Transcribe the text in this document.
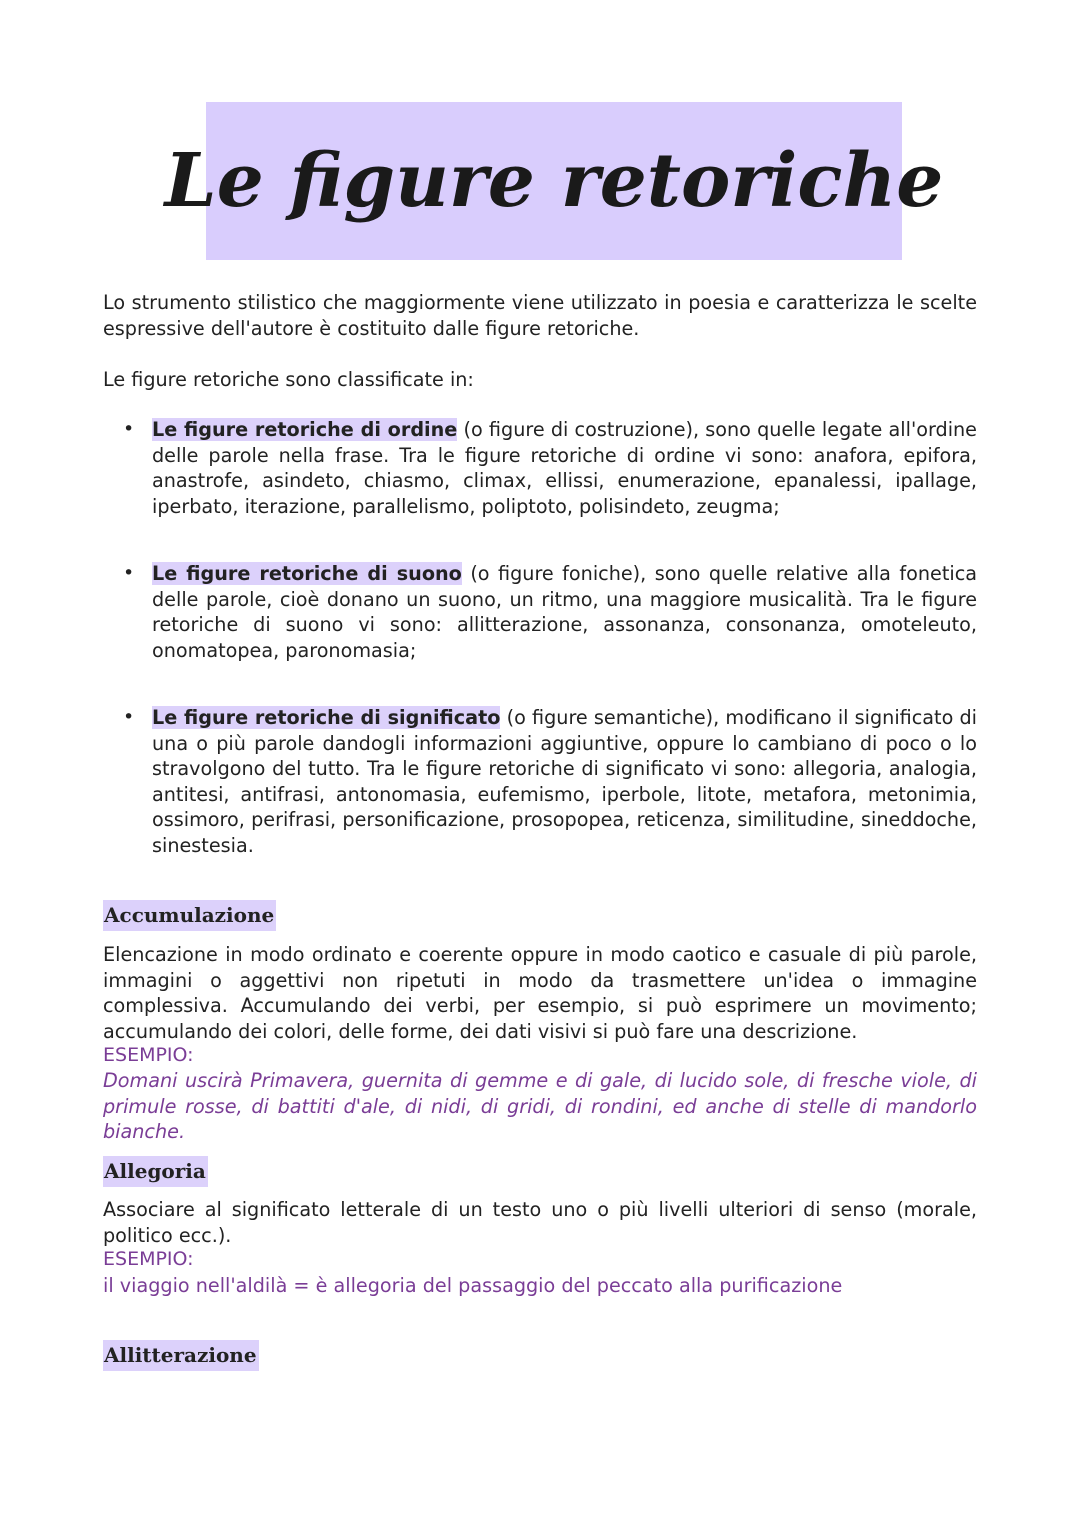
Le figure retoriche

Lo strumento stilistico che maggiormente viene utilizzato in poesia e caratterizza le scelte espressive dell'autore è costituito dalle figure retoriche.

Le figure retoriche sono classificate in:

• Le figure retoriche di ordine (o figure di costruzione), sono quelle legate all'ordine delle parole nella frase. Tra le figure retoriche di ordine vi sono: anafora, epifora, anastrofe, asindeto, chiasmo, climax, ellissi, enumerazione, epanalessi, ipallage, iperbato, iterazione, parallelismo, poliptoto, polisindeto, zeugma;

• Le figure retoriche di suono (o figure foniche), sono quelle relative alla fonetica delle parole, cioè donano un suono, un ritmo, una maggiore musicalità. Tra le figure retoriche di suono vi sono: allitterazione, assonanza, consonanza, omoteleuto, onomatopea, paronomasia;

• Le figure retoriche di significato (o figure semantiche), modificano il significato di una o più parole dandogli informazioni aggiuntive, oppure lo cambiano di poco o lo stravolgono del tutto. Tra le figure retoriche di significato vi sono: allegoria, analogia, antitesi, antifrasi, antonomasia, eufemismo, iperbole, litote, metafora, metonimia, ossimoro, perifrasi, personificazione, prosopopea, reticenza, similitudine, sineddoche, sinestesia.

Accumulazione

Elencazione in modo ordinato e coerente oppure in modo caotico e casuale di più parole, immagini o aggettivi non ripetuti in modo da trasmettere un'idea o immagine complessiva. Accumulando dei verbi, per esempio, si può esprimere un movimento; accumulando dei colori, delle forme, dei dati visivi si può fare una descrizione.

ESEMPIO:

Domani uscirà Primavera, guernita di gemme e di gale, di lucido sole, di fresche viole, di primule rosse, di battiti d'ale, di nidi, di gridi, di rondini, ed anche di stelle di mandorlo bianche.

Allegoria

Associare al significato letterale di un testo uno o più livelli ulteriori di senso (morale, politico ecc.).

ESEMPIO:

il viaggio nell'aldilà = è allegoria del passaggio del peccato alla purificazione

Allitterazione
